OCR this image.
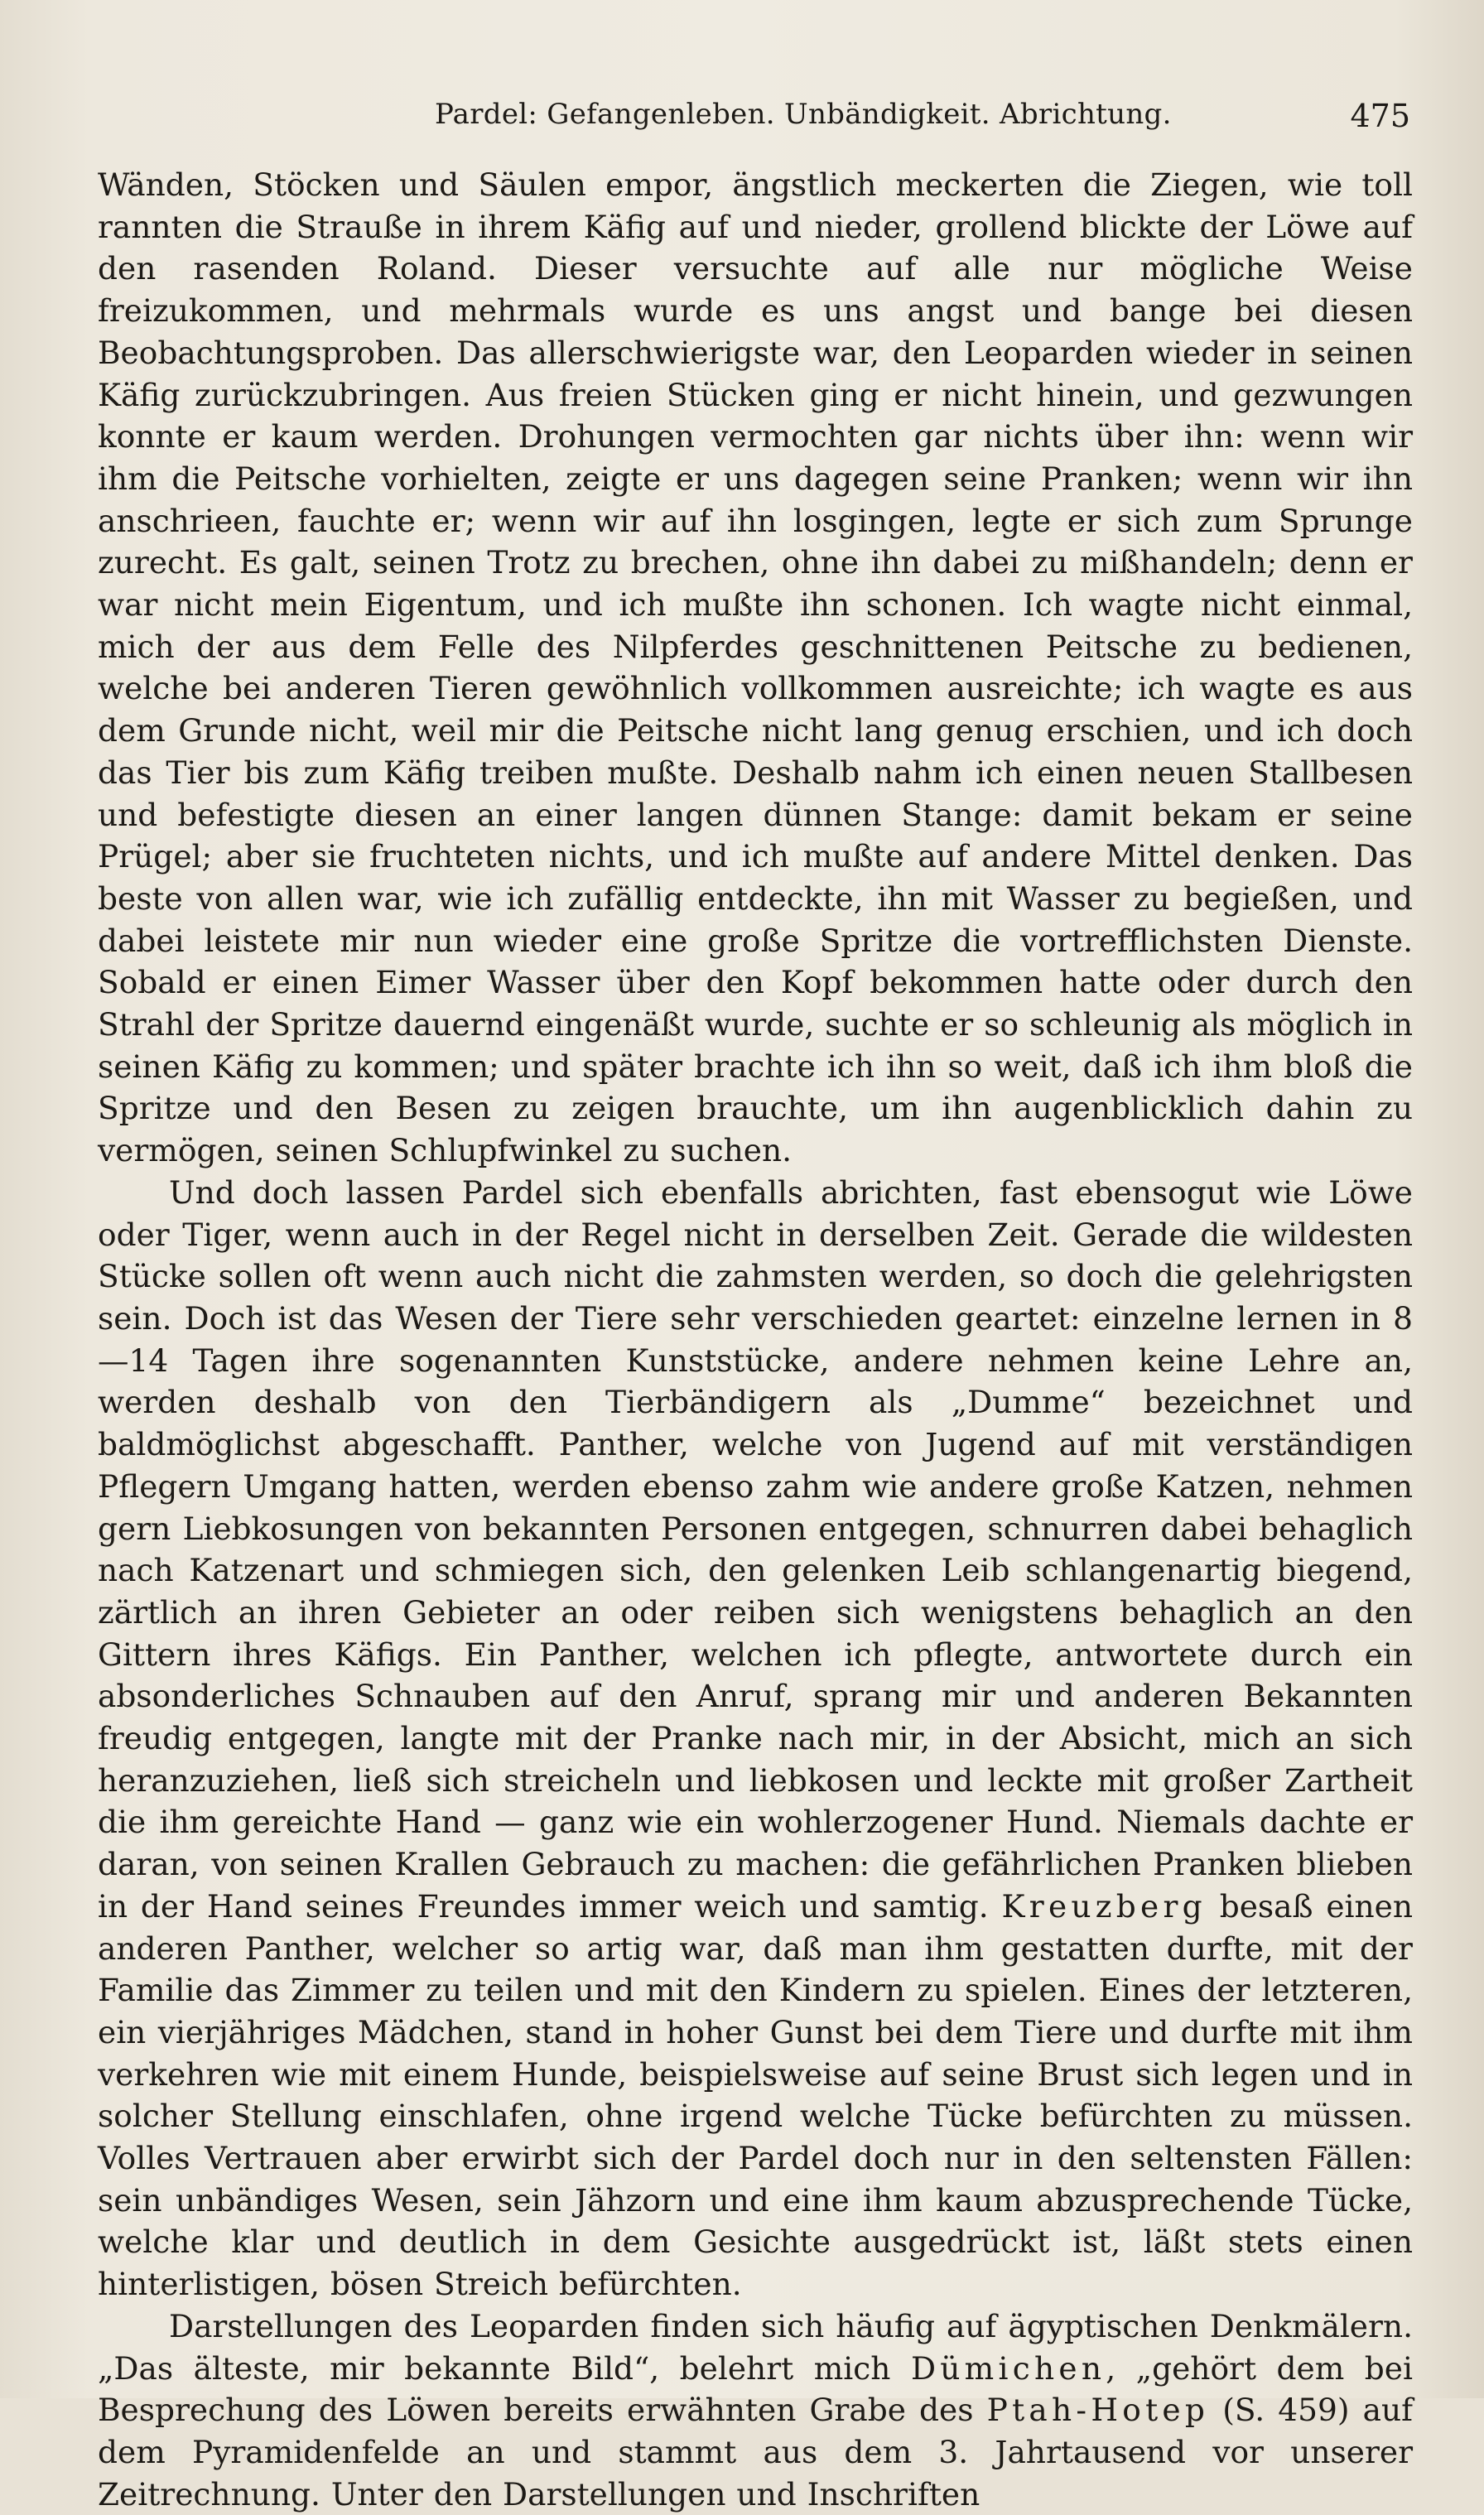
Pardel: Gefangenleben. Unbändigkeit. Abrichtung.	475

Wänden, Stöcken und Säulen empor, ängstlich meckerten die Ziegen, wie toll rannten die Strauße in ihrem Käfig auf und nieder, grollend blickte der Löwe auf den rasenden Roland. Dieser versuchte auf alle nur mögliche Weise freizukommen, und mehrmals wurde es uns angst und bange bei diesen Beobachtungsproben. Das allerschwierigste war, den Leoparden wieder in seinen Käfig zurückzubringen. Aus freien Stücken ging er nicht hinein, und gezwungen konnte er kaum werden. Drohungen vermochten gar nichts über ihn: wenn wir ihm die Peitsche vorhielten, zeigte er uns dagegen seine Pranken; wenn wir ihn anschrieen, fauchte er; wenn wir auf ihn losgingen, legte er sich zum Sprunge zurecht. Es galt, seinen Trotz zu brechen, ohne ihn dabei zu mißhandeln; denn er war nicht mein Eigentum, und ich mußte ihn schonen. Ich wagte nicht einmal, mich der aus dem Felle des Nilpferdes geschnittenen Peitsche zu bedienen, welche bei anderen Tieren gewöhnlich vollkommen ausreichte; ich wagte es aus dem Grunde nicht, weil mir die Peitsche nicht lang genug erschien, und ich doch das Tier bis zum Käfig treiben mußte. Deshalb nahm ich einen neuen Stallbesen und befestigte diesen an einer langen dünnen Stange: damit bekam er seine Prügel; aber sie fruchteten nichts, und ich mußte auf andere Mittel denken. Das beste von allen war, wie ich zufällig entdeckte, ihn mit Wasser zu begießen, und dabei leistete mir nun wieder eine große Spritze die vortrefflichsten Dienste. Sobald er einen Eimer Wasser über den Kopf bekommen hatte oder durch den Strahl der Spritze dauernd eingenäßt wurde, suchte er so schleunig als möglich in seinen Käfig zu kommen; und später brachte ich ihn so weit, daß ich ihm bloß die Spritze und den Besen zu zeigen brauchte, um ihn augenblicklich dahin zu vermögen, seinen Schlupfwinkel zu suchen.

Und doch lassen Pardel sich ebenfalls abrichten, fast ebensogut wie Löwe oder Tiger, wenn auch in der Regel nicht in derselben Zeit. Gerade die wildesten Stücke sollen oft wenn auch nicht die zahmsten werden, so doch die gelehrigsten sein. Doch ist das Wesen der Tiere sehr verschieden geartet: einzelne lernen in 8—14 Tagen ihre sogenannten Kunststücke, andere nehmen keine Lehre an, werden deshalb von den Tierbändigern als „Dumme“ bezeichnet und baldmöglichst abgeschafft. Panther, welche von Jugend auf mit verständigen Pflegern Umgang hatten, werden ebenso zahm wie andere große Katzen, nehmen gern Liebkosungen von bekannten Personen entgegen, schnurren dabei behaglich nach Katzenart und schmiegen sich, den gelenken Leib schlangenartig biegend, zärtlich an ihren Gebieter an oder reiben sich wenigstens behaglich an den Gittern ihres Käfigs. Ein Panther, welchen ich pflegte, antwortete durch ein absonderliches Schnauben auf den Anruf, sprang mir und anderen Bekannten freudig entgegen, langte mit der Pranke nach mir, in der Absicht, mich an sich heranzuziehen, ließ sich streicheln und liebkosen und leckte mit großer Zartheit die ihm gereichte Hand — ganz wie ein wohlerzogener Hund. Niemals dachte er daran, von seinen Krallen Gebrauch zu machen: die gefährlichen Pranken blieben in der Hand seines Freundes immer weich und samtig. Kreuzberg besaß einen anderen Panther, welcher so artig war, daß man ihm gestatten durfte, mit der Familie das Zimmer zu teilen und mit den Kindern zu spielen. Eines der letzteren, ein vierjähriges Mädchen, stand in hoher Gunst bei dem Tiere und durfte mit ihm verkehren wie mit einem Hunde, beispielsweise auf seine Brust sich legen und in solcher Stellung einschlafen, ohne irgend welche Tücke befürchten zu müssen. Volles Vertrauen aber erwirbt sich der Pardel doch nur in den seltensten Fällen: sein unbändiges Wesen, sein Jähzorn und eine ihm kaum abzusprechende Tücke, welche klar und deutlich in dem Gesichte ausgedrückt ist, läßt stets einen hinterlistigen, bösen Streich befürchten.

Darstellungen des Leoparden finden sich häufig auf ägyptischen Denkmälern. „Das älteste, mir bekannte Bild“, belehrt mich Dümichen, „gehört dem bei Besprechung des Löwen bereits erwähnten Grabe des Ptah-Hotep (S. 459) auf dem Pyramidenfelde an und stammt aus dem 3. Jahrtausend vor unserer Zeitrechnung. Unter den Darstellungen und Inschriften
